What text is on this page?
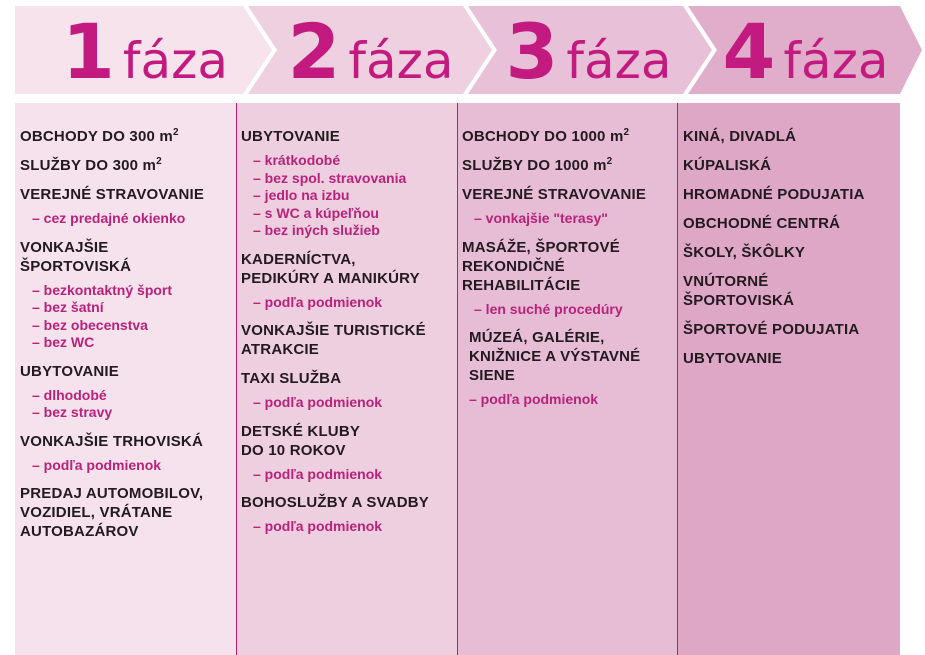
1 fáza 2 fáza 3 fáza 4 fáza
OBCHODY DO 300 $m^2$
SLUŽBY DO 300 $m^2$
VEREJNÉ STRAVOVANIE
– cez predajné okienko
VONKAJŠIE
ŠPORTOVISKÁ
– bezkontaktný šport
– bez šatní
– bez obecenstva
– bez WC
UBYTOVANIE
– dlhodobé
– bez stravy
VONKAJŠIE TRHOVISKÁ
– podľa podmienok
PREDAJ AUTOMOBILOV,
VOZIDIEL, VRÁTANE
AUTOBAZÁROV
UBYTOVANIE
– krátkodobé
– bez spol. stravovania
– jedlo na izbu
– s WC a kúpeľňou
– bez iných služieb
KADERNÍCTVA,
PEDIKÚRY A MANIKÚRY
– podľa podmienok
VONKAJŠIE TURISTICKÉ
ATRAKCIE
TAXI SLUŽBA
– podľa podmienok
DETSKÉ KLUBY
DO 10 ROKOV
– podľa podmienok
BOHOSLUŽBY A SVADBY
– podľa podmienok
OBCHODY DO 1000 $m^2$
SLUŽBY DO 1000 $m^2$
VEREJNÉ STRAVOVANIE
– vonkajšie "terasy"
MASÁŽE, ŠPORTOVÉ
REKONDIČNÉ
REHABILITÁCIE
– len suché procedúry
MÚZEÁ, GALÉRIE,
KNIŽNICE A VÝSTAVNÉ
SIENE
– podľa podmienok
KINÁ, DIVADLÁ
KÚPALISKÁ
HROMADNÉ PODUJATIA
OBCHODNÉ CENTRÁ
ŠKOLY, ŠKÔLKY
VNÚTORNÉ
ŠPORTOVISKÁ
ŠPORTOVÉ PODUJATIA
UBYTOVANIE
